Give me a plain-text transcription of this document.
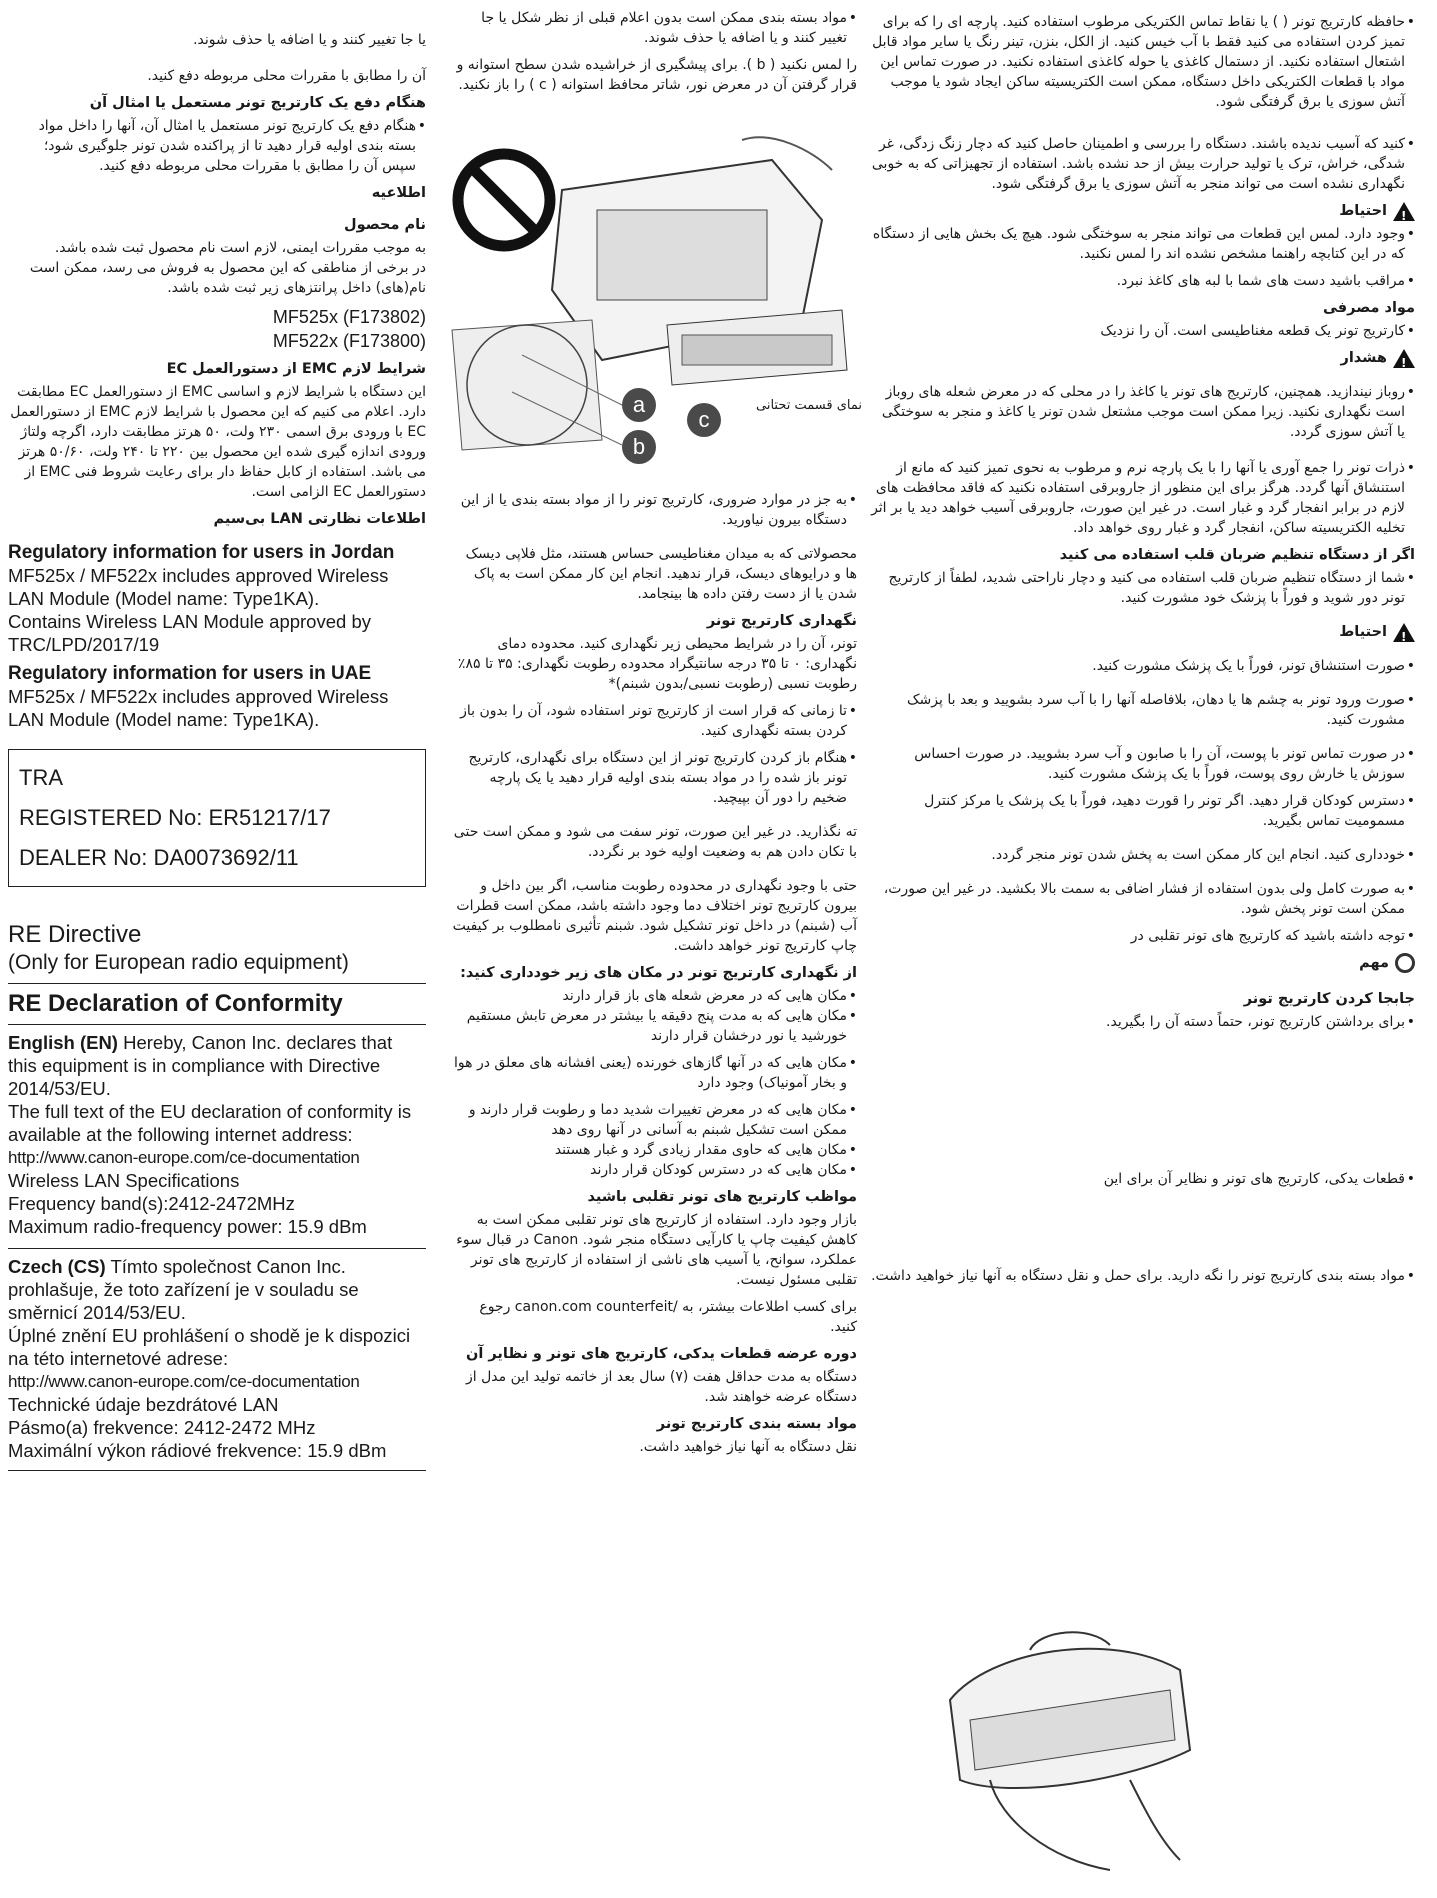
• حافظه کارتریج تونر ( ) یا نقاط تماس الکتریکی مرطوب استفاده کنید. پارچه ای را که برای تمیز کردن استفاده می کنید فقط با آب خیس کنید. از الکل، بنزن، تینر رنگ یا سایر مواد قابل اشتعال استفاده نکنید. از دستمال کاغذی یا حوله کاغذی استفاده نکنید. در صورت تماس این مواد با قطعات الکتریکی داخل دستگاه، ممکن است الکتریسیته ساکن ایجاد شود یا موجب آتش سوزی یا برق گرفتگی شود.

• کنید که آسیب ندیده باشند. دستگاه را بررسی و اطمینان حاصل کنید که دچار زنگ زدگی، غر شدگی، خراش، ترک یا تولید حرارت بیش از حد نشده باشد. استفاده از تجهیزاتی که به خوبی نگهداری نشده است می تواند منجر به آتش سوزی یا برق گرفتگی شود.

!احتیاط

• وجود دارد. لمس این قطعات می تواند منجر به سوختگی شود. هیچ یک بخش هایی از دستگاه که در این کتابچه راهنما مشخص نشده اند را لمس نکنید.

• مراقب باشید دست های شما با لبه های کاغذ نبرد.

مواد مصرفی

• کارتریج تونر یک قطعه مغناطیسی است. آن را نزدیک

!هشدار

• روباز نیندازید. همچنین، کارتریج های تونر یا کاغذ را در محلی که در معرض شعله های روباز است نگهداری نکنید. زیرا ممکن است موجب مشتعل شدن تونر یا کاغذ و منجر به سوختگی یا آتش سوزی گردد.

• ذرات تونر را جمع آوری یا آنها را با یک پارچه نرم و مرطوب به نحوی تمیز کنید که مانع از استنشاق آنها گردد. هرگز برای این منظور از جاروبرقی استفاده نکنید که فاقد محافظت های لازم در برابر انفجار گرد و غبار است. در غیر این صورت، جاروبرقی آسیب خواهد دید یا بر اثر تخلیه الکتریسیته ساکن، انفجار گرد و غبار روی خواهد داد.

اگر از دستگاه تنظیم ضربان قلب استفاده می کنید

• شما از دستگاه تنظیم ضربان قلب استفاده می کنید و دچار ناراحتی شدید، لطفاً از کارتریج تونر دور شوید و فوراً با پزشک خود مشورت کنید.

!احتیاط

• صورت استنشاق تونر، فوراً با یک پزشک مشورت کنید.

• صورت ورود تونر به چشم ها یا دهان، بلافاصله آنها را با آب سرد بشویید و بعد با پزشک مشورت کنید.

• در صورت تماس تونر با پوست، آن را با صابون و آب سرد بشویید. در صورت احساس سوزش یا خارش روی پوست، فوراً با یک پزشک مشورت کنید.

• دسترس کودکان قرار دهید. اگر تونر را قورت دهید، فوراً با یک پزشک یا مرکز کنترل مسمومیت تماس بگیرید.

• خودداری کنید. انجام این کار ممکن است به پخش شدن تونر منجر گردد.

• به صورت کامل ولی بدون استفاده از فشار اضافی به سمت بالا بکشید. در غیر این صورت، ممکن است تونر پخش شود.

• توجه داشته باشید که کارتریج های تونر تقلبی در

مهم
جابجا کردن کارتریج تونر

• برای برداشتن کارتریج تونر، حتماً دسته آن را بگیرید.

• قطعات یدکی، کارتریج های تونر و نظایر آن برای این

• مواد بسته بندی کارتریج تونر را نگه دارید. برای حمل و نقل دستگاه به آنها نیاز خواهید داشت.

• مواد بسته بندی ممکن است بدون اعلام قبلی از نظر شکل یا جا تغییر کنند و یا اضافه یا حذف شوند.

را لمس نکنید ( b ). برای پیشگیری از خراشیده شدن سطح استوانه و قرار گرفتن آن در معرض نور، شاتر محافظ استوانه ( c ) را باز نکنید.

a
b
c
نمای قسمت تحتانی

• به جز در موارد ضروری، کارتریج تونر را از مواد بسته بندی یا از این دستگاه بیرون نیاورید.

محصولاتی که به میدان مغناطیسی حساس هستند، مثل فلاپی دیسک ها و درایوهای دیسک، قرار ندهید. انجام این کار ممکن است به پاک شدن یا از دست رفتن داده ها بینجامد.

نگهداری کارتریج تونر

تونر، آن را در شرایط محیطی زیر نگهداری کنید. محدوده دمای نگهداری: ۰ تا ۳۵ درجه سانتیگراد محدوده رطوبت نگهداری: ۳۵ تا ۸۵٪ رطوبت نسبی (رطوبت نسبی/بدون شبنم)*

• تا زمانی که قرار است از کارتریج تونر استفاده شود، آن را بدون باز کردن بسته نگهداری کنید.

• هنگام باز کردن کارتریج تونر از این دستگاه برای نگهداری، کارتریج تونر باز شده را در مواد بسته بندی اولیه قرار دهید یا یک پارچه ضخیم را دور آن بپیچید.

ته نگذارید. در غیر این صورت، تونر سفت می شود و ممکن است حتی با تکان دادن هم به وضعیت اولیه خود بر نگردد.

حتی با وجود نگهداری در محدوده رطوبت مناسب، اگر بین داخل و بیرون کارتریج تونر اختلاف دما وجود داشته باشد، ممکن است قطرات آب (شبنم) در داخل تونر تشکیل شود. شبنم تأثیری نامطلوب بر کیفیت چاپ کارتریج تونر خواهد داشت.

از نگهداری کارتریج تونر در مکان های زیر خودداری کنید:

• مکان هایی که در معرض شعله های باز قرار دارند

• مکان هایی که به مدت پنج دقیقه یا بیشتر در معرض تابش مستقیم خورشید یا نور درخشان قرار دارند

• مکان هایی که در آنها گازهای خورنده (یعنی افشانه های معلق در هوا و بخار آمونیاک) وجود دارد

• مکان هایی که در معرض تغییرات شدید دما و رطوبت قرار دارند و ممکن است تشکیل شبنم به آسانی در آنها روی دهد

• مکان هایی که حاوی مقدار زیادی گرد و غبار هستند

• مکان هایی که در دسترس کودکان قرار دارند

مواظب کارتریج های تونر تقلبی باشید

بازار وجود دارد. استفاده از کارتریج های تونر تقلبی ممکن است به کاهش کیفیت چاپ یا کارآیی دستگاه منجر شود. Canon در قبال سوء عملکرد، سوانح، یا آسیب های ناشی از استفاده از کارتریج های تونر تقلبی مسئول نیست.

برای کسب اطلاعات بیشتر، به /canon.com counterfeit رجوع کنید.

دوره عرضه قطعات یدکی، کارتریج های تونر و نظایر آن

دستگاه به مدت حداقل هفت (۷) سال بعد از خاتمه تولید این مدل از دستگاه عرضه خواهند شد.

مواد بسته بندی کارتریج تونر

نقل دستگاه به آنها نیاز خواهید داشت.

یا جا تغییر کنند و یا اضافه یا حذف شوند.

آن را مطابق با مقررات محلی مربوطه دفع کنید.

هنگام دفع یک کارتریج تونر مستعمل یا امثال آن

• هنگام دفع یک کارتریج تونر مستعمل یا امثال آن، آنها را داخل مواد بسته بندی اولیه قرار دهید تا از پراکنده شدن تونر جلوگیری شود؛ سپس آن را مطابق با مقررات محلی مربوطه دفع کنید.

اطلاعیه
نام محصول

به موجب مقررات ایمنی، لازم است نام محصول ثبت شده باشد.

در برخی از مناطقی که این محصول به فروش می رسد، ممکن است نام(های) داخل پرانتزهای زیر ثبت شده باشد.

MF525x (F173802)
MF522x (F173800)
شرایط لازم EMC از دستورالعمل EC

این دستگاه با شرایط لازم و اساسی EMC از دستورالعمل EC مطابقت دارد. اعلام می کنیم که این محصول با شرایط لازم EMC از دستورالعمل EC با ورودی برق اسمی ۲۳۰ ولت، ۵۰ هرتز مطابقت دارد، اگرچه ولتاژ ورودی اندازه گیری شده این محصول بین ۲۲۰ تا ۲۴۰ ولت، ۵۰/۶۰ هرتز می باشد. استفاده از کابل حفاظ دار برای رعایت شروط فنی EMC از دستورالعمل EC الزامی است.

اطلاعات نظارتی LAN بی‌سیم
Regulatory information for users in Jordan

MF525x / MF522x includes approved Wireless LAN Module (Model name: Type1KA).

Contains Wireless LAN Module approved by TRC/LPD/2017/19

Regulatory information for users in UAE

MF525x / MF522x includes approved Wireless LAN Module (Model name: Type1KA).

TRA

REGISTERED No: ER51217/17

DEALER No: DA0073692/11

RE Directive

(Only for European radio equipment)

RE Declaration of Conformity

English (EN) Hereby, Canon Inc. declares that this equipment is in compliance with Directive 2014/53/EU.

The full text of the EU declaration of conformity is available at the following internet address:

http://www.canon-europe.com/ce-documentation

Wireless LAN Specifications

Frequency band(s):2412-2472MHz

Maximum radio-frequency power: 15.9 dBm

Czech (CS) Tímto společnost Canon Inc. prohlašuje, že toto zařízení je v souladu se směrnicí 2014/53/EU.

Úplné znění EU prohlášení o shodě je k dispozici na této internetové adrese:

http://www.canon-europe.com/ce-documentation

Technické údaje bezdrátové LAN

Pásmo(a) frekvence: 2412-2472 MHz

Maximální výkon rádiové frekvence: 15.9 dBm
